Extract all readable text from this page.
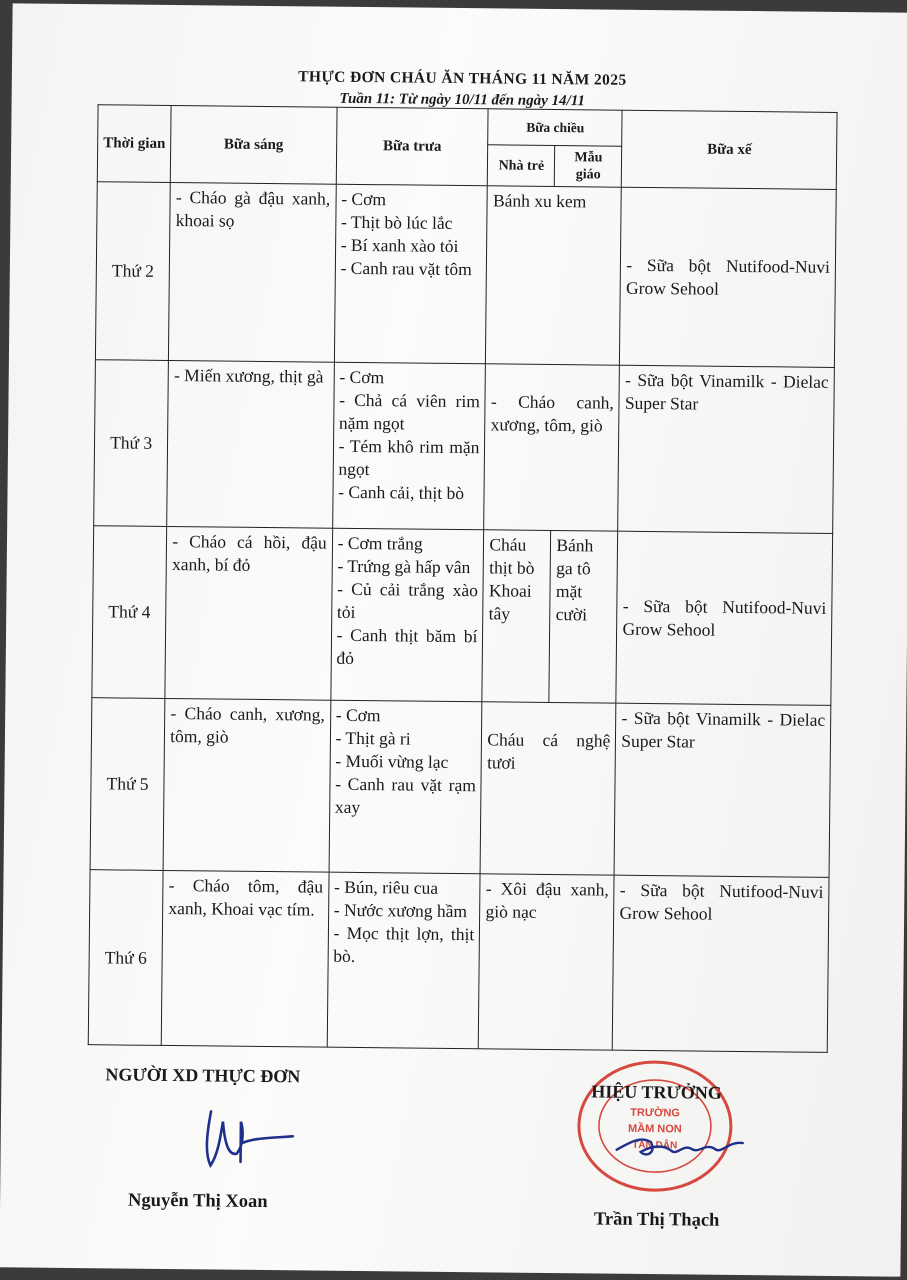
THỰC ĐƠN CHÁU ĂN THÁNG 11 NĂM 2025
Tuần 11: Từ ngày 10/11 đến ngày 14/11
Thời gian	Bữa sáng	Bữa trưa	Bữa chiều		Bữa xế
			Nhà trẻ	Mẫu giáo	
Thứ 2	- Cháo gà đậu xanh, khoai sọ	- Cơm
- Thịt bò lúc lắc
- Bí xanh xào tỏi
- Canh rau vặt tôm	Bánh xu kem		- Sữa bột Nutifood-Nuvi Grow Sehool

Thứ 3	- Miến xương, thịt gà	- Cơm
- Chả cá viên rim nặm ngọt
- Tém khô rim mặn ngọt
- Canh cải, thịt bò	- Cháo canh, xương, tôm, giò		- Sữa bột Vinamilk - Dielac Super Star

Thứ 4	- Cháo cá hồi, đậu xanh, bí đỏ	- Cơm trắng
- Trứng gà hấp vân
- Củ cải trắng xào tỏi
- Canh thịt băm bí đỏ	Cháu thịt bò Khoai tây	Bánh ga tô mặt cười	- Sữa bột Nutifood-Nuvi Grow Sehool

Thứ 5	- Cháo canh, xương, tôm, giò	- Cơm
- Thịt gà ri
- Muối vừng lạc
- Canh rau vặt rạm xay	Cháu cá nghệ tươi		- Sữa bột Vinamilk - Dielac Super Star

Thứ 6	- Cháo tôm, đậu xanh, Khoai vạc tím.	- Bún, riêu cua
- Nước xương hầm
- Mọc thịt lợn, thịt bò.	- Xôi đậu xanh, giò nạc		- Sữa bột Nutifood-Nuvi Grow Sehool
NGƯỜI XD THỰC ĐƠN
Nguyễn Thị Xoan
TRƯỜNG
MẦM NON
TÂN DÂN
HIỆU TRƯỞNG
Trần Thị Thạch
